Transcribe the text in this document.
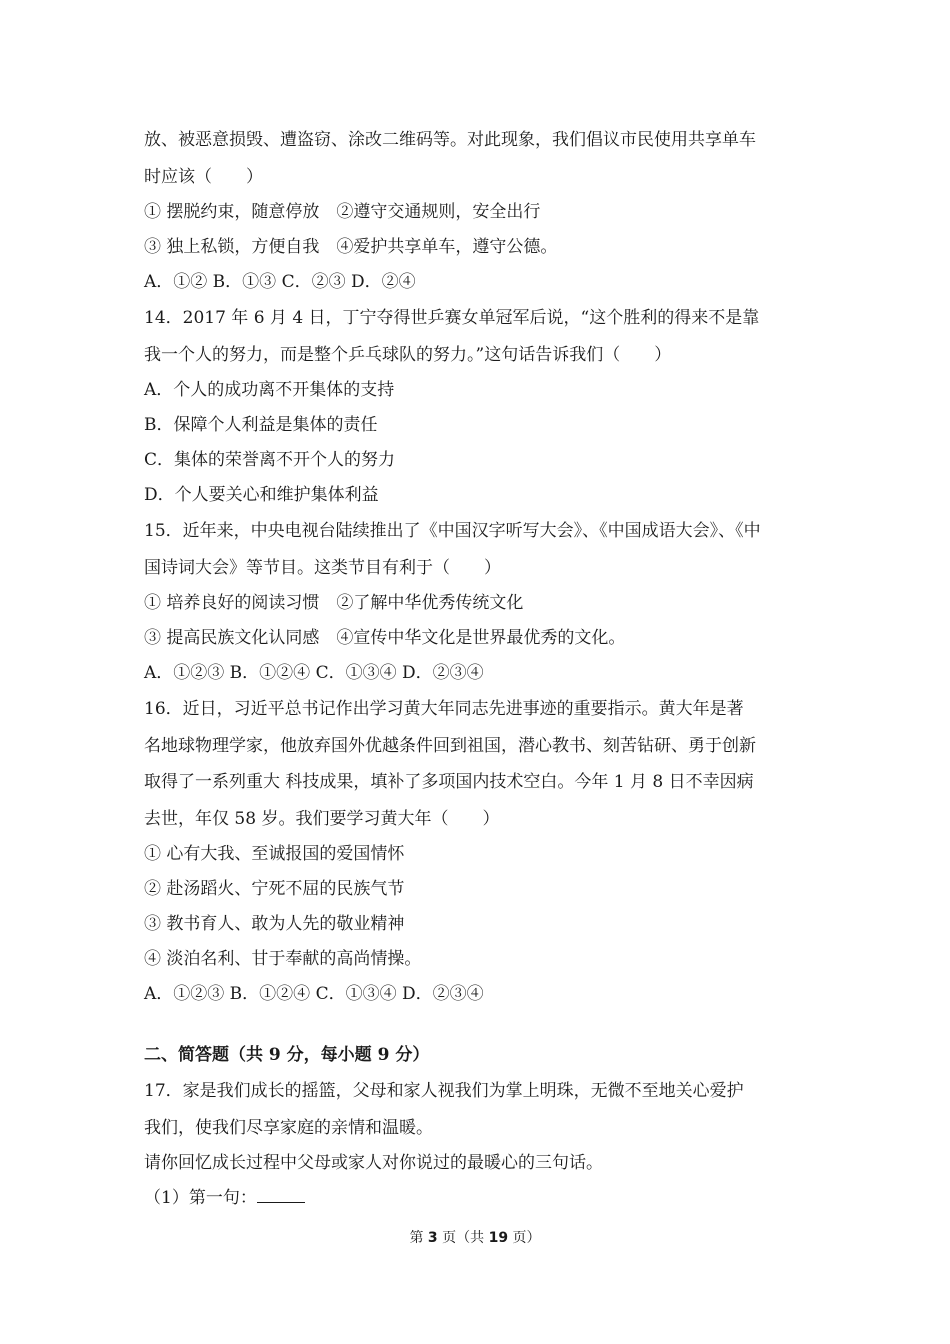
放、被恶意损毁、遭盗窃、涂改二维码等。对此现象，我们倡议市民使用共享单车
时应该（　　）
① 摆脱约束，随意停放　②遵守交通规则，安全出行
③ 独上私锁，方便自我　④爱护共享单车，遵守公德。
A．①② B．①③ C．②③ D．②④
14．2017 年 6 月 4 日，丁宁夺得世乒赛女单冠军后说，“这个胜利的得来不是靠
我一个人的努力，而是整个乒乓球队的努力。”这句话告诉我们（　　）
A．个人的成功离不开集体的支持
B．保障个人利益是集体的责任
C．集体的荣誉离不开个人的努力
D．个人要关心和维护集体利益
15．近年来，中央电视台陆续推出了《中国汉字听写大会》、《中国成语大会》、《中
国诗词大会》等节目。这类节目有利于（　　）
① 培养良好的阅读习惯　②了解中华优秀传统文化
③ 提高民族文化认同感　④宣传中华文化是世界最优秀的文化。
A．①②③ B．①②④ C．①③④ D．②③④
16．近日，习近平总书记作出学习黄大年同志先进事迹的重要指示。黄大年是著
名地球物理学家，他放弃国外优越条件回到祖国，潜心教书、刻苦钻研、勇于创新
取得了一系列重大 科技成果，填补了多项国内技术空白。今年 1 月 8 日不幸因病
去世，年仅 58 岁。我们要学习黄大年（　　）
① 心有大我、至诚报国的爱国情怀
② 赴汤蹈火、宁死不屈的民族气节
③ 教书育人、敢为人先的敬业精神
④ 淡泊名利、甘于奉献的高尚情操。
A．①②③ B．①②④ C．①③④ D．②③④
二、简答题（共 9 分，每小题 9 分）
17．家是我们成长的摇篮，父母和家人视我们为掌上明珠，无微不至地关心爱护
我们，使我们尽享家庭的亲情和温暖。
请你回忆成长过程中父母或家人对你说过的最暖心的三句话。
（1）第一句：
第 3 页（共 19 页）
